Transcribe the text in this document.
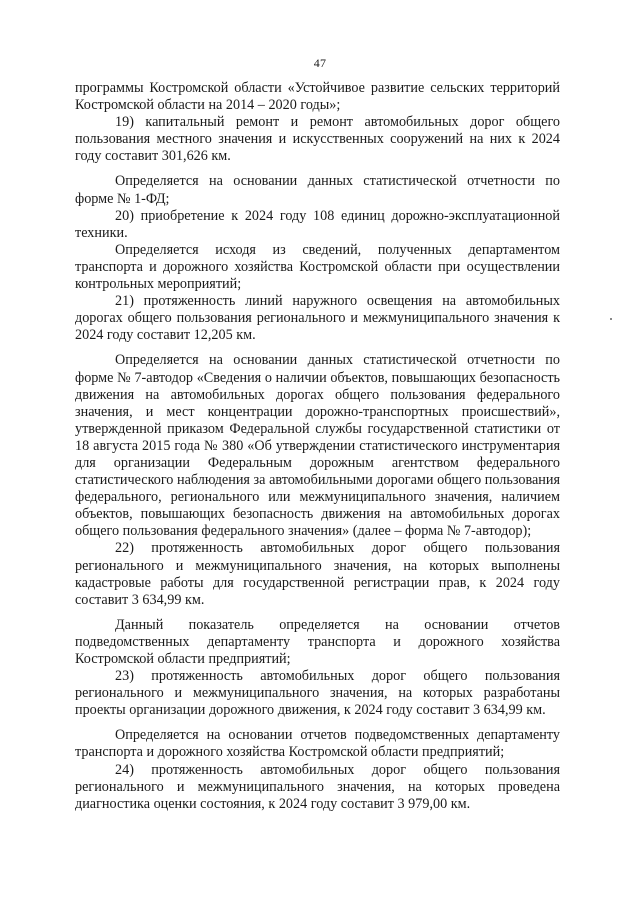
47

программы Костромской области «Устойчивое развитие сельских территорий Костромской области на 2014 – 2020 годы»;

19) капитальный ремонт и ремонт автомобильных дорог общего пользования местного значения и искусственных сооружений на них к 2024 году составит 301,626 км.

Определяется на основании данных статистической отчетности по форме № 1-ФД;

20) приобретение к 2024 году 108 единиц дорожно-эксплуатационной техники.

Определяется исходя из сведений, полученных департаментом транспорта и дорожного хозяйства Костромской области при осуществлении контрольных мероприятий;

21) протяженность линий наружного освещения на автомобильных дорогах общего пользования регионального и межмуниципального значения к 2024 году составит 12,205 км.

Определяется на основании данных статистической отчетности по форме № 7-автодор «Сведения о наличии объектов, повышающих безопасность движения на автомобильных дорогах общего пользования федерального значения, и мест концентрации дорожно-транспортных происшествий», утвержденной приказом Федеральной службы государственной статистики от 18 августа 2015 года № 380 «Об утверждении статистического инструментария для организации Федеральным дорожным агентством федерального статистического наблюдения за автомобильными дорогами общего пользования федерального, регионального или межмуниципального значения, наличием объектов, повышающих безопасность движения на автомобильных дорогах общего пользования федерального значения» (далее – форма № 7-автодор);

22) протяженность автомобильных дорог общего пользования регионального и межмуниципального значения, на которых выполнены кадастровые работы для государственной регистрации прав, к 2024 году составит 3 634,99 км.

Данный показатель определяется на основании отчетов подведомственных департаменту транспорта и дорожного хозяйства Костромской области предприятий;

23) протяженность автомобильных дорог общего пользования регионального и межмуниципального значения, на которых разработаны проекты организации дорожного движения, к 2024 году составит 3 634,99 км.

Определяется на основании отчетов подведомственных департаменту транспорта и дорожного хозяйства Костромской области предприятий;

24) протяженность автомобильных дорог общего пользования регионального и межмуниципального значения, на которых проведена диагностика оценки состояния, к 2024 году составит 3 979,00 км.
